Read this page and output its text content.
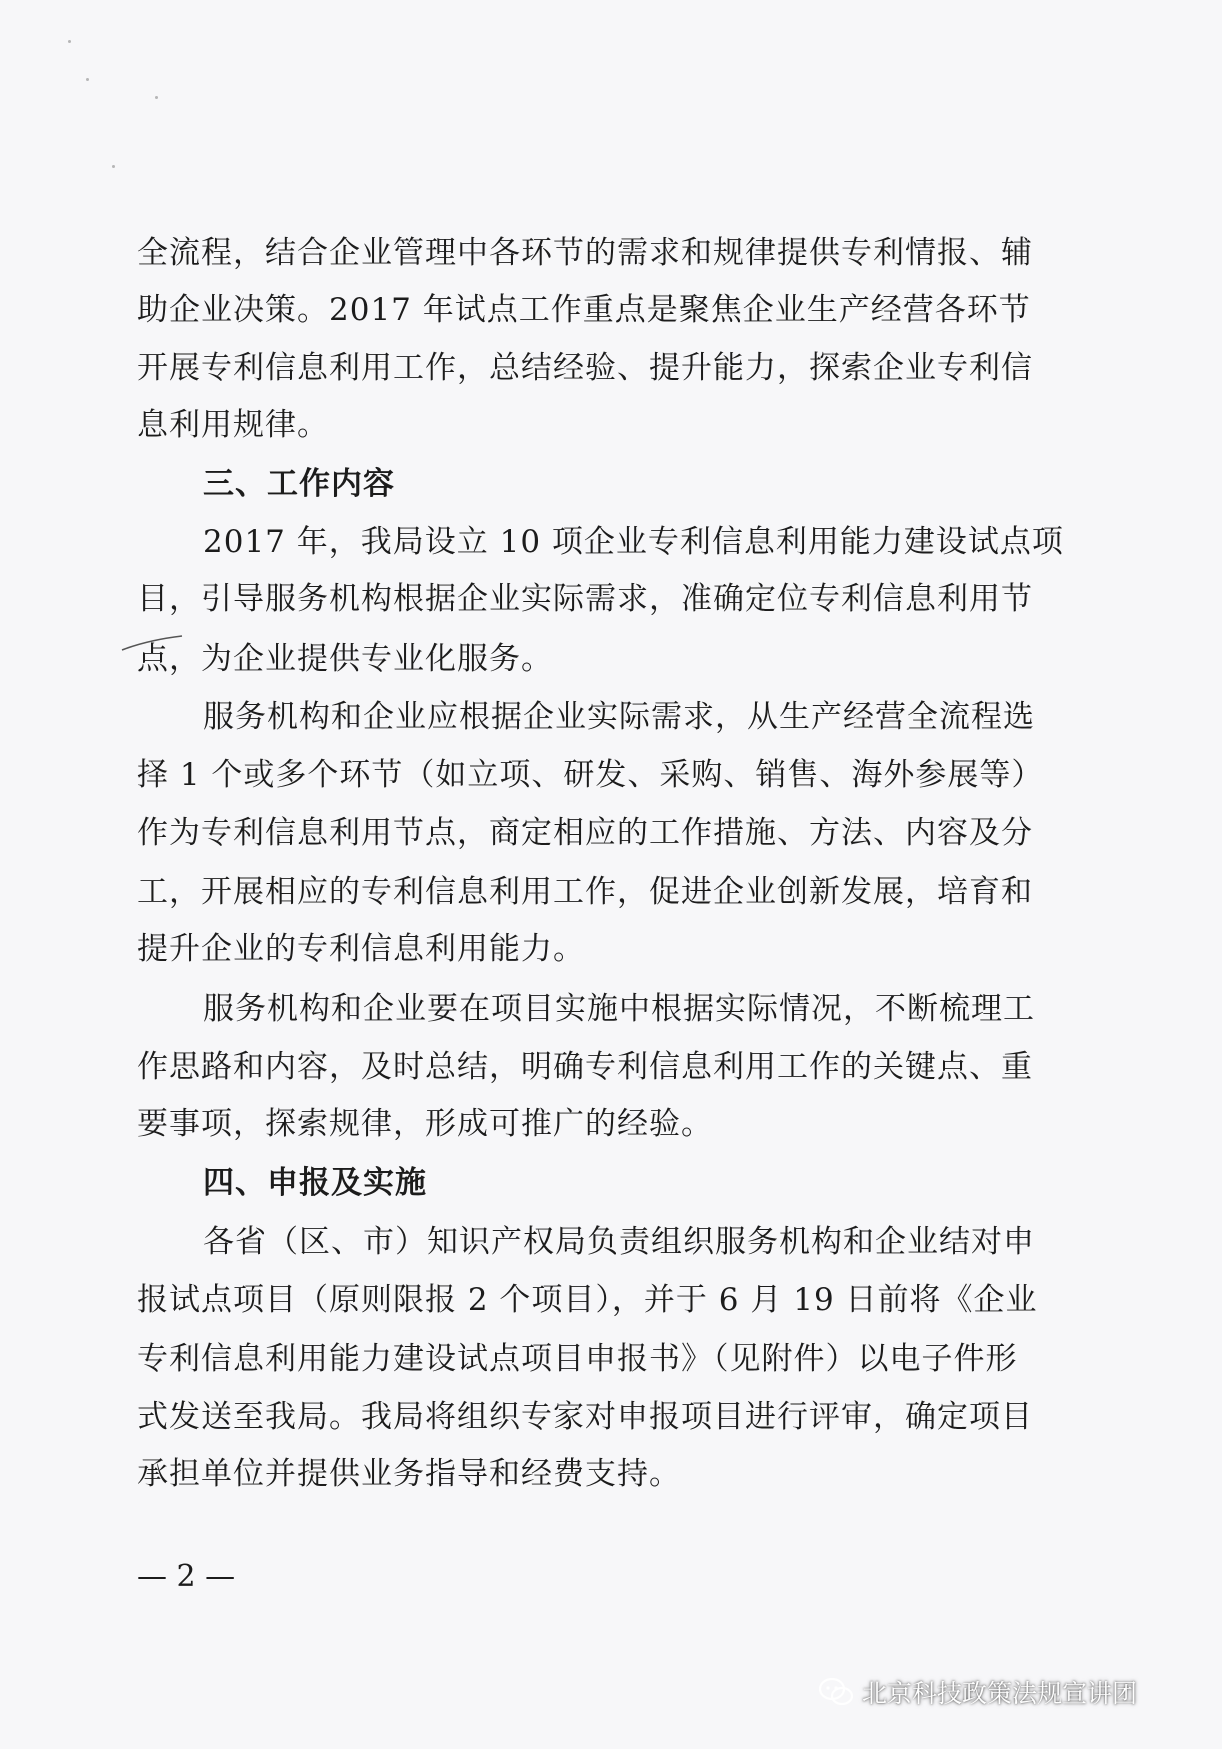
全流程，结合企业管理中各环节的需求和规律提供专利情报、辅
助企业决策。2017 年试点工作重点是聚焦企业生产经营各环节
开展专利信息利用工作，总结经验、提升能力，探索企业专利信
息利用规律。
三、工作内容
2017 年，我局设立 10 项企业专利信息利用能力建设试点项
目，引导服务机构根据企业实际需求，准确定位专利信息利用节
点，为企业提供专业化服务。
服务机构和企业应根据企业实际需求，从生产经营全流程选
择 1 个或多个环节（如立项、研发、采购、销售、海外参展等）
作为专利信息利用节点，商定相应的工作措施、方法、内容及分
工，开展相应的专利信息利用工作，促进企业创新发展，培育和
提升企业的专利信息利用能力。
服务机构和企业要在项目实施中根据实际情况，不断梳理工
作思路和内容，及时总结，明确专利信息利用工作的关键点、重
要事项，探索规律，形成可推广的经验。
四、申报及实施
各省（区、市）知识产权局负责组织服务机构和企业结对申
报试点项目（原则限报 2 个项目），并于 6 月 19 日前将《企业
专利信息利用能力建设试点项目申报书》（见附件）以电子件形
式发送至我局。我局将组织专家对申报项目进行评审，确定项目
承担单位并提供业务指导和经费支持。
— 2 —
北京科技政策法规宣讲团
